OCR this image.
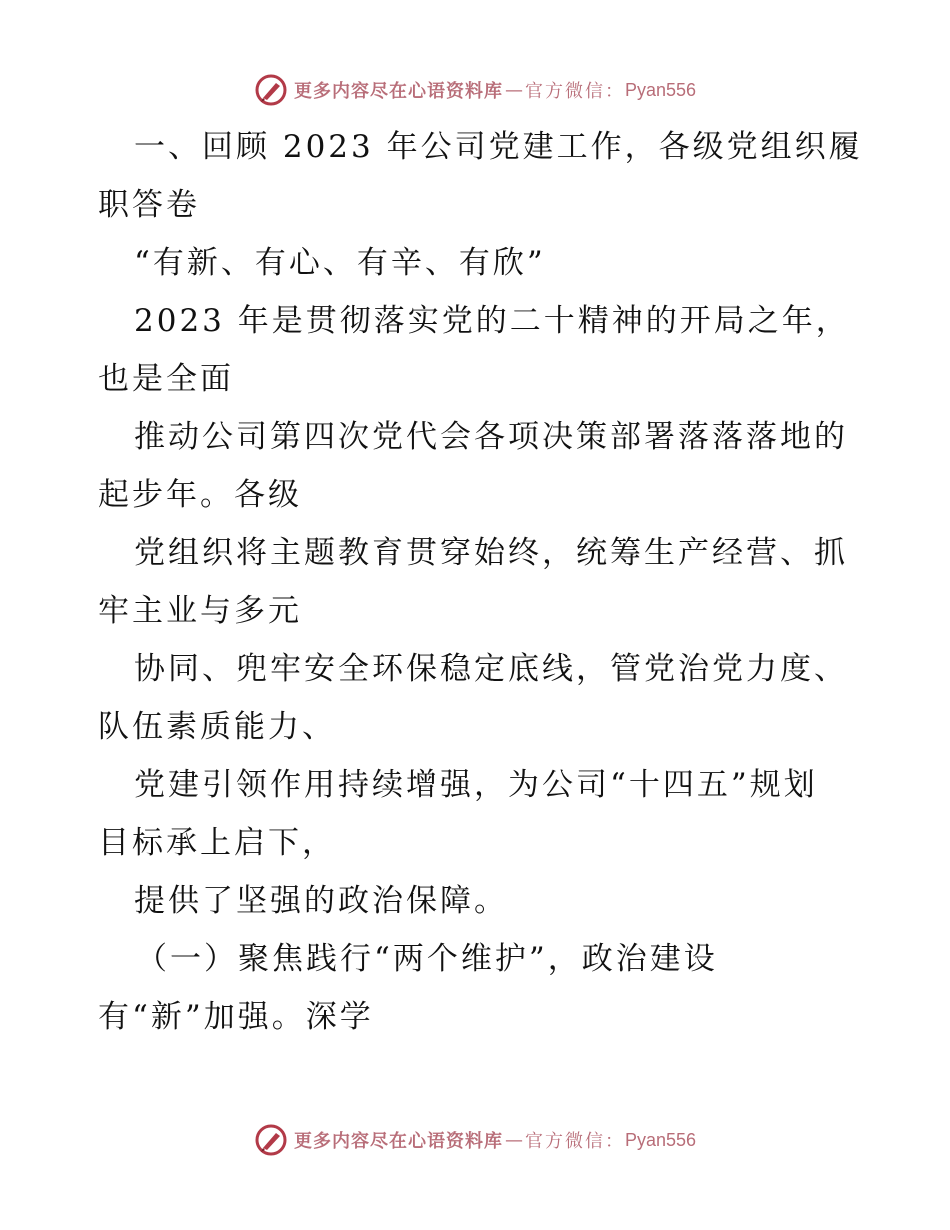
更多内容尽在心语资料库 — 官方微信： Pyan556
一、回顾 2023 年公司党建工作，各级党组织履
职答卷
“有新、有心、有辛、有欣”
2023 年是贯彻落实党的二十精神的开局之年，
也是全面
推动公司第四次党代会各项决策部署落落落地的
起步年。各级
党组织将主题教育贯穿始终，统筹生产经营、抓
牢主业与多元
协同、兜牢安全环保稳定底线，管党治党力度、
队伍素质能力、
党建引领作用持续增强，为公司“十四五”规划
目标承上启下，
提供了坚强的政治保障。
（一）聚焦践行“两个维护”，政治建设
有“新”加强。深学
更多内容尽在心语资料库 — 官方微信： Pyan556
